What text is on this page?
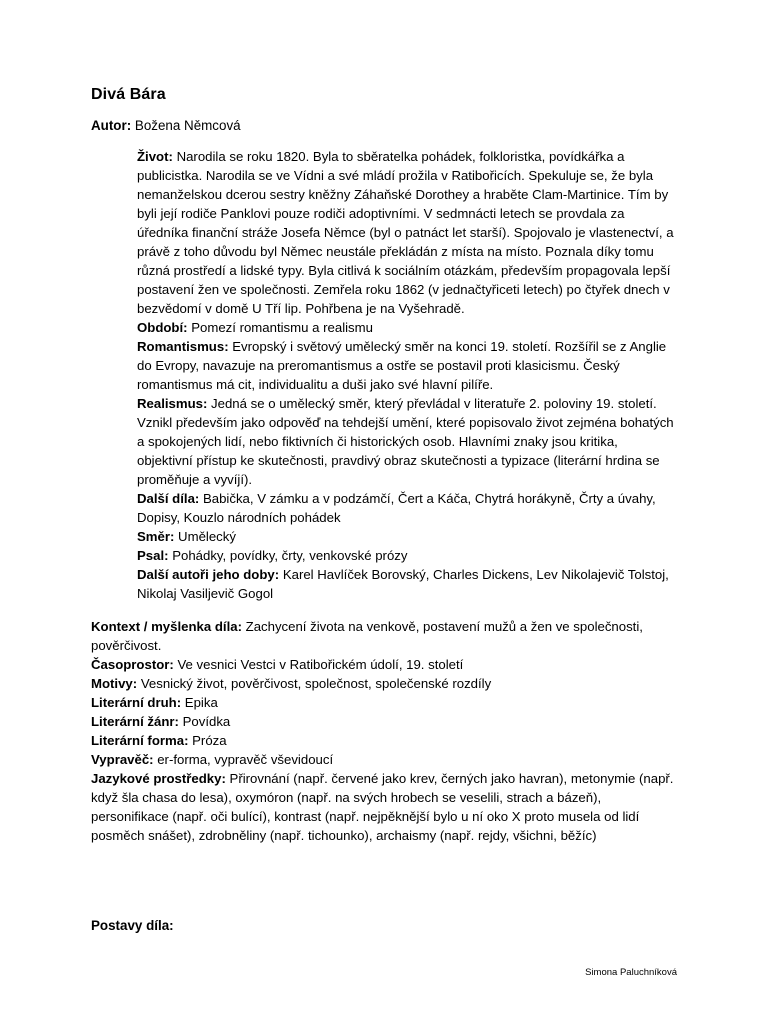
Divá Bára
Autor: Božena Němcová

Život: Narodila se roku 1820. Byla to sběratelka pohádek, folkloristka, povídkářka a publicistka. Narodila se ve Vídni a své mládí prožila v Ratibořicích. Spekuluje se, že byla nemanželskou dcerou sestry kněžny Záhaňské Dorothey a hraběte Clam-Martinice. Tím by byli její rodiče Panklovi pouze rodiči adoptivními. V sedmnácti letech se provdala za úředníka finanční stráže Josefa Němce (byl o patnáct let starší). Spojovalo je vlastenectví, a právě z toho důvodu byl Němec neustále překládán z místa na místo. Poznala díky tomu různá prostředí a lidské typy. Byla citlivá k sociálním otázkám, především propagovala lepší postavení žen ve společnosti. Zemřela roku 1862 (v jednačtyřiceti letech) po čtyřek dnech v bezvědomí v domě U Tří lip. Pohřbena je na Vyšehradě.

Období: Pomezí romantismu a realismu

Romantismus: Evropský i světový umělecký směr na konci 19. století. Rozšířil se z Anglie do Evropy, navazuje na preromantismus a ostře se postavil proti klasicismu. Český romantismus má cit, individualitu a duši jako své hlavní pilíře.

Realismus: Jedná se o umělecký směr, který převládal v literatuře 2. poloviny 19. století. Vznikl především jako odpověď na tehdejší umění, které popisovalo život zejména bohatých a spokojených lidí, nebo fiktivních či historických osob. Hlavními znaky jsou kritika, objektivní přístup ke skutečnosti, pravdivý obraz skutečnosti a typizace (literární hrdina se proměňuje a vyvíjí).

Další díla: Babička, V zámku a v podzámčí, Čert a Káča, Chytrá horákyně, Črty a úvahy, Dopisy, Kouzlo národních pohádek

Směr: Umělecký

Psal: Pohádky, povídky, črty, venkovské prózy

Další autoři jeho doby: Karel Havlíček Borovský, Charles Dickens, Lev Nikolajevič Tolstoj, Nikolaj Vasiljevič Gogol

Kontext / myšlenka díla: Zachycení života na venkově, postavení mužů a žen ve společnosti, pověrčivost.

Časoprostor: Ve vesnici Vestci v Ratibořickém údolí, 19. století

Motivy: Vesnický život, pověrčivost, společnost, společenské rozdíly

Literární druh: Epika

Literární žánr: Povídka

Literární forma: Próza

Vypravěč: er-forma, vypravěč vševidoucí

Jazykové prostředky: Přirovnání (např. červené jako krev, černých jako havran), metonymie (např. když šla chasa do lesa), oxymóron (např. na svých hrobech se veselili, strach a bázeň), personifikace (např. oči bulící), kontrast (např. nejpěknější bylo u ní oko X proto musela od lidí posměch snášet), zdrobněliny (např. tichounko), archaismy (např. rejdy, všichni, běžíc)

Postavy díla:
Simona Paluchníková
